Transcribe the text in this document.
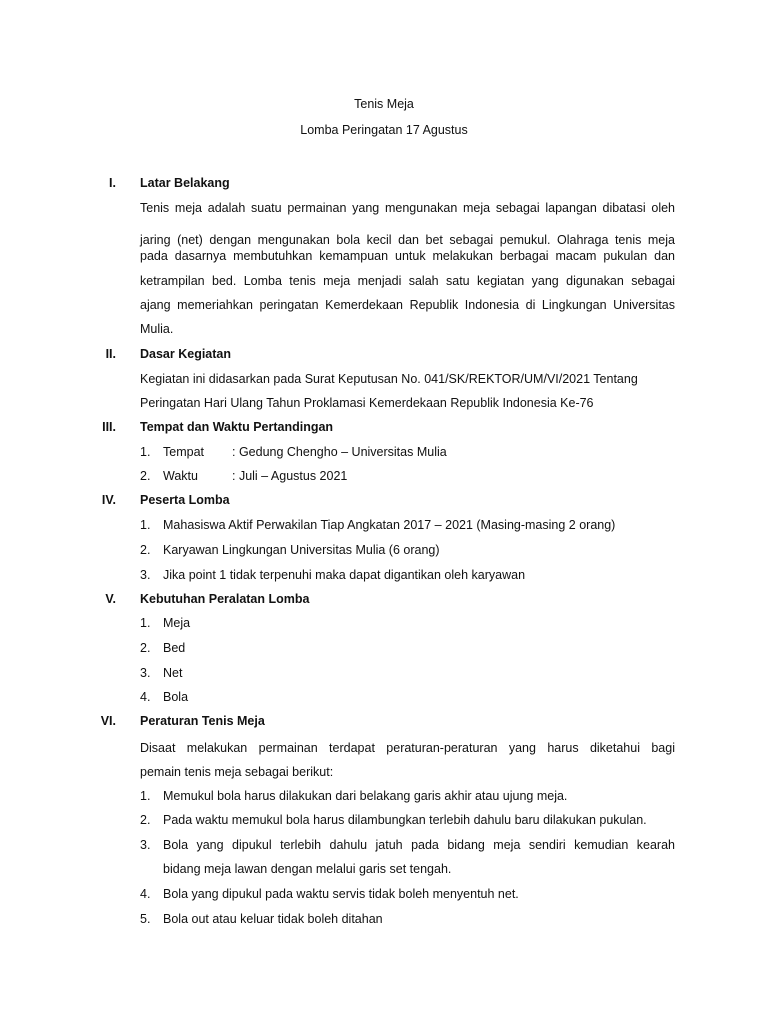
Tenis Meja
Lomba Peringatan 17 Agustus
I. Latar Belakang
Tenis meja adalah suatu permainan yang mengunakan meja sebagai lapangan dibatasi oleh
jaring (net) dengan mengunakan bola kecil dan bet sebagai pemukul. Olahraga tenis meja
pada dasarnya membutuhkan kemampuan untuk melakukan berbagai macam pukulan dan
ketrampilan bed. Lomba tenis meja menjadi salah satu kegiatan yang digunakan sebagai
ajang memeriahkan peringatan Kemerdekaan Republik Indonesia di Lingkungan Universitas
Mulia.
II. Dasar Kegiatan
Kegiatan ini didasarkan pada Surat Keputusan No. 041/SK/REKTOR/UM/VI/2021 Tentang
Peringatan Hari Ulang Tahun Proklamasi Kemerdekaan Republik Indonesia Ke-76
III. Tempat dan Waktu Pertandingan
1.	Tempat : Gedung Chengho – Universitas Mulia
2.	Waktu	: Juli – Agustus 2021
IV. Peserta Lomba
1.	Mahasiswa Aktif Perwakilan Tiap Angkatan 2017 – 2021 (Masing-masing 2 orang)
2.	Karyawan Lingkungan Universitas Mulia (6 orang)
3.	Jika point 1 tidak terpenuhi maka dapat digantikan oleh karyawan
V. Kebutuhan Peralatan Lomba
1.	Meja
2.	Bed
3.	Net
4.	Bola
VI. Peraturan Tenis Meja
Disaat melakukan permainan terdapat peraturan-peraturan yang harus diketahui bagi
pemain tenis meja sebagai berikut:
1.	Memukul bola harus dilakukan dari belakang garis akhir atau ujung meja.
2.	Pada waktu memukul bola harus dilambungkan terlebih dahulu baru dilakukan pukulan.
3.	Bola yang dipukul terlebih dahulu jatuh pada bidang meja sendiri kemudian kearah
bidang meja lawan dengan melalui garis set tengah.
4.	Bola yang dipukul pada waktu servis tidak boleh menyentuh net.
5.	Bola out atau keluar tidak boleh ditahan
